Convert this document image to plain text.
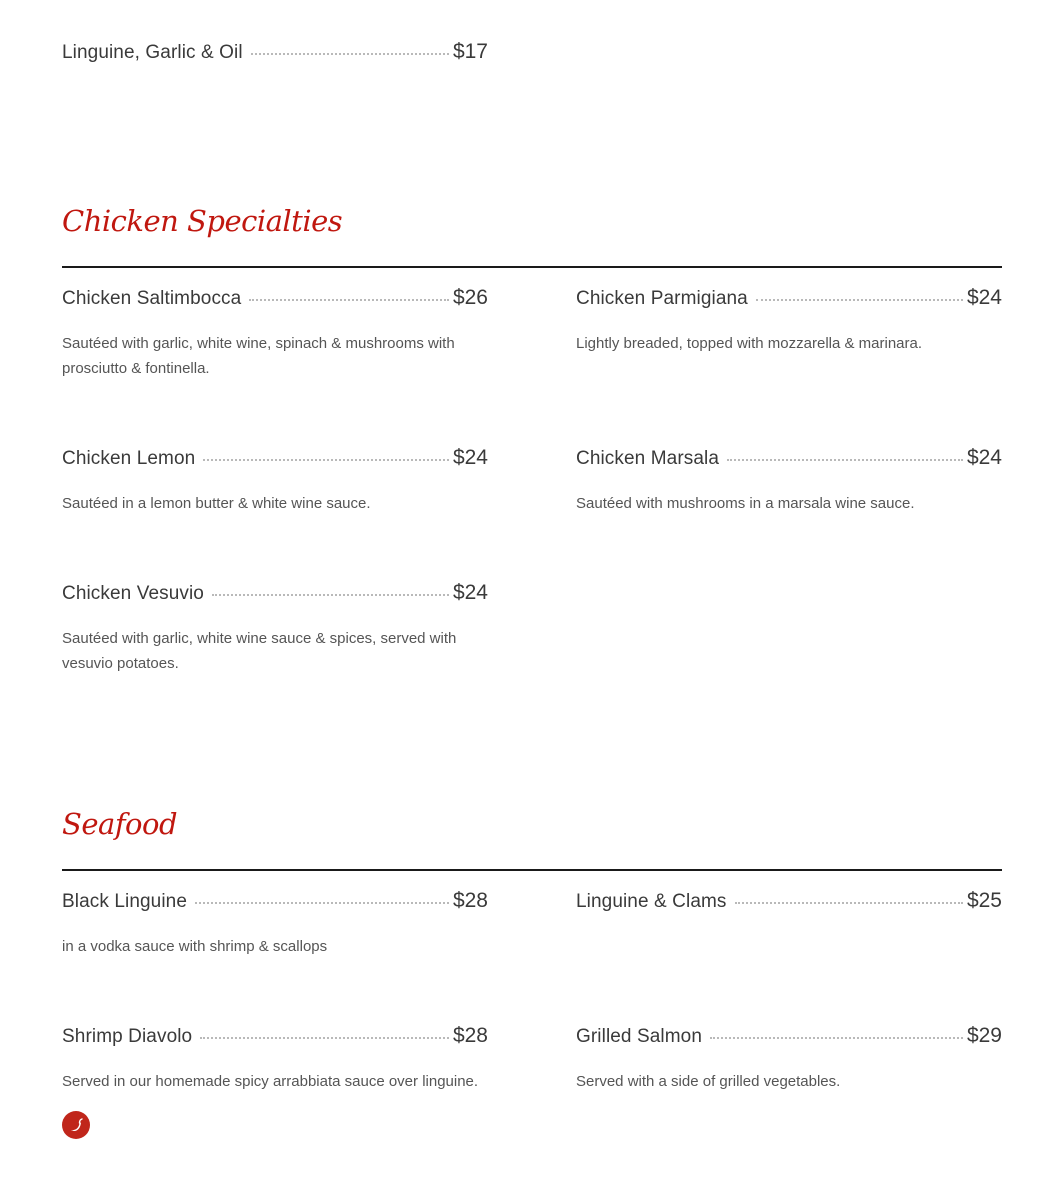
Linguine, Garlic & Oil	$17
Chicken Specialties
Chicken Saltimbocca	$26
Sautéed with garlic, white wine, spinach & mushrooms with prosciutto & fontinella.
Chicken Parmigiana	$24
Lightly breaded, topped with mozzarella & marinara.
Chicken Lemon	$24
Sautéed in a lemon butter & white wine sauce.
Chicken Marsala	$24
Sautéed with mushrooms in a marsala wine sauce.
Chicken Vesuvio	$24
Sautéed with garlic, white wine sauce & spices, served with vesuvio potatoes.
Seafood
Black Linguine	$28
in a vodka sauce with shrimp & scallops
Linguine & Clams	$25
Shrimp Diavolo	$28
Served in our homemade spicy arrabbiata sauce over linguine.
Grilled Salmon	$29
Served with a side of grilled vegetables.
